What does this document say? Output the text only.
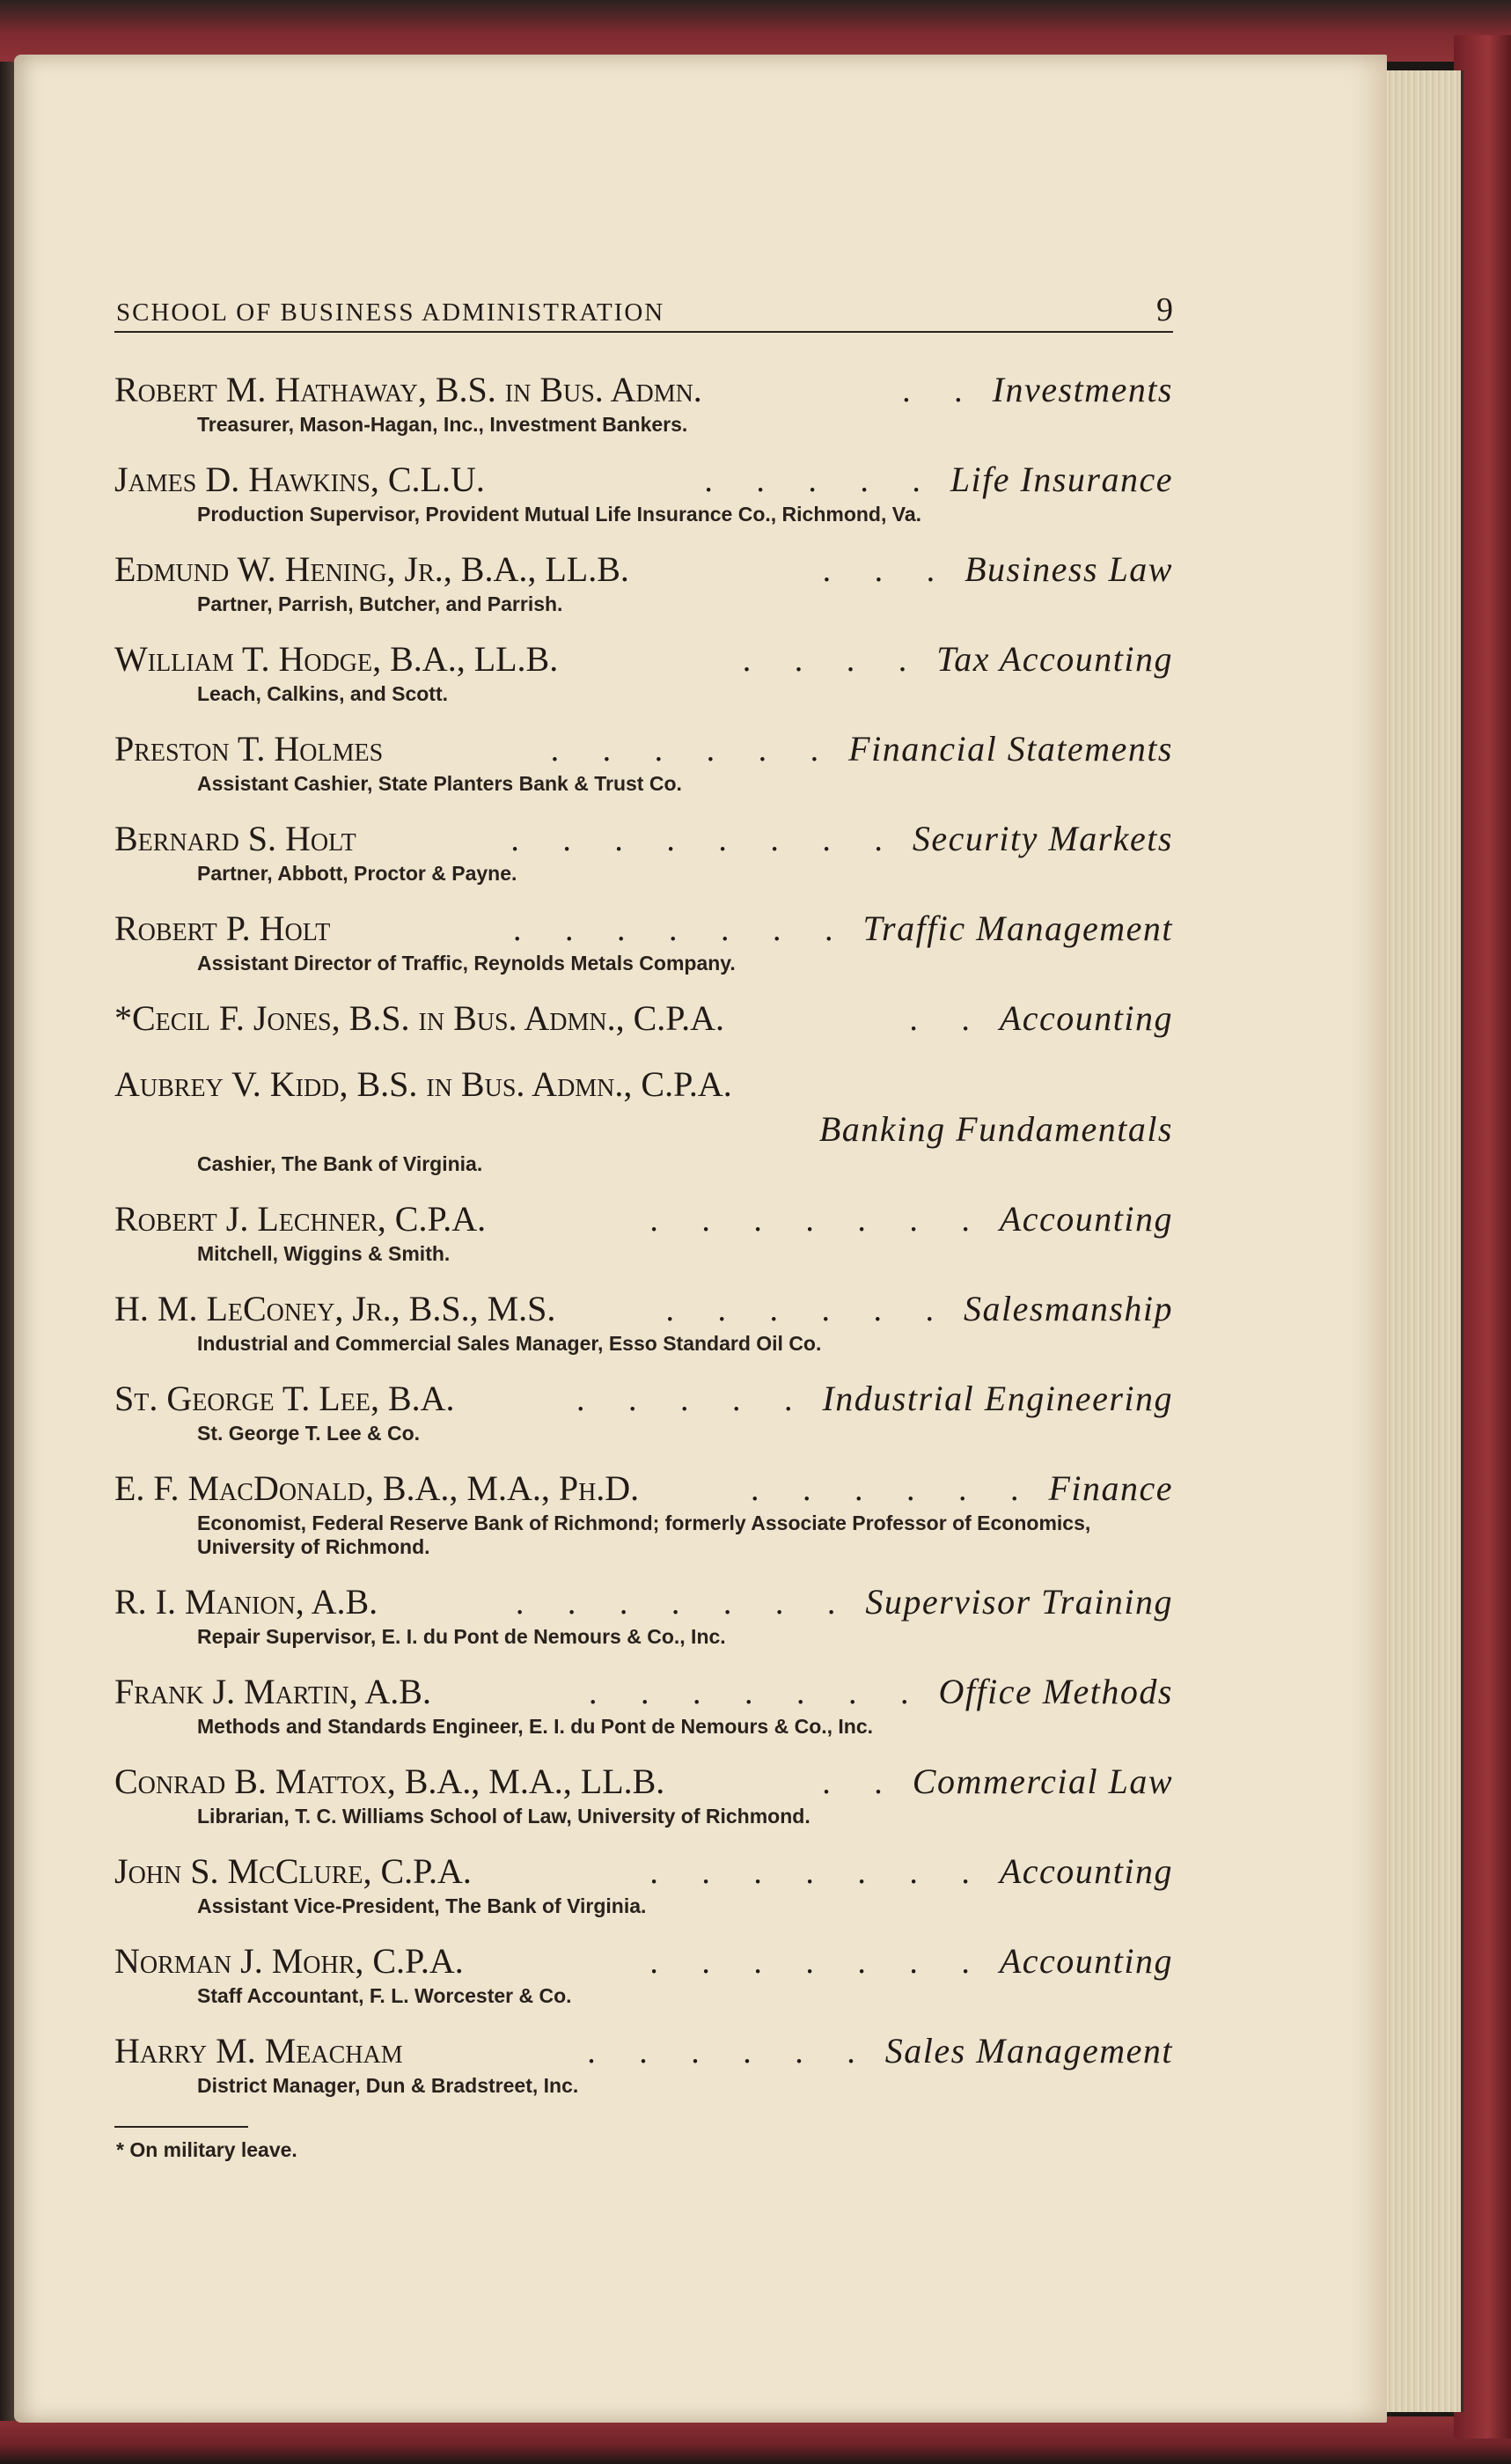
SCHOOL OF BUSINESS ADMINISTRATION	9
Robert M. Hathaway, B.S. in Bus. Admn.	. . Investments
Treasurer, Mason-Hagan, Inc., Investment Bankers.
James D. Hawkins, C.L.U.	. . . . . Life Insurance
Production Supervisor, Provident Mutual Life Insurance Co., Richmond, Va.
Edmund W. Hening, Jr., B.A., LL.B.	. . . Business Law
Partner, Parrish, Butcher, and Parrish.
William T. Hodge, B.A., LL.B.	. . . . Tax Accounting
Leach, Calkins, and Scott.
Preston T. Holmes	. . . . . . Financial Statements
Assistant Cashier, State Planters Bank & Trust Co.
Bernard S. Holt	. . . . . . . . Security Markets
Partner, Abbott, Proctor & Payne.
Robert P. Holt	. . . . . . . Traffic Management
Assistant Director of Traffic, Reynolds Metals Company.
*Cecil F. Jones, B.S. in Bus. Admn., C.P.A.	. . Accounting
Aubrey V. Kidd, B.S. in Bus. Admn., C.P.A.
Banking Fundamentals
Cashier, The Bank of Virginia.
Robert J. Lechner, C.P.A.	. . . . . . . Accounting
Mitchell, Wiggins & Smith.
H. M. LeConey, Jr., B.S., M.S.	. . . . . . Salesmanship
Industrial and Commercial Sales Manager, Esso Standard Oil Co.
St. George T. Lee, B.A.	. . . . . Industrial Engineering
St. George T. Lee & Co.
E. F. MacDonald, B.A., M.A., Ph.D.	. . . . . . Finance
Economist, Federal Reserve Bank of Richmond; formerly Associate Professor of Economics, University of Richmond.
R. I. Manion, A.B.	. . . . . . . Supervisor Training
Repair Supervisor, E. I. du Pont de Nemours & Co., Inc.
Frank J. Martin, A.B.	. . . . . . . Office Methods
Methods and Standards Engineer, E. I. du Pont de Nemours & Co., Inc.
Conrad B. Mattox, B.A., M.A., LL.B.	. . Commercial Law
Librarian, T. C. Williams School of Law, University of Richmond.
John S. McClure, C.P.A.	. . . . . . . Accounting
Assistant Vice-President, The Bank of Virginia.
Norman J. Mohr, C.P.A.	. . . . . . . Accounting
Staff Accountant, F. L. Worcester & Co.
Harry M. Meacham	. . . . . . Sales Management
District Manager, Dun & Bradstreet, Inc.
* On military leave.
